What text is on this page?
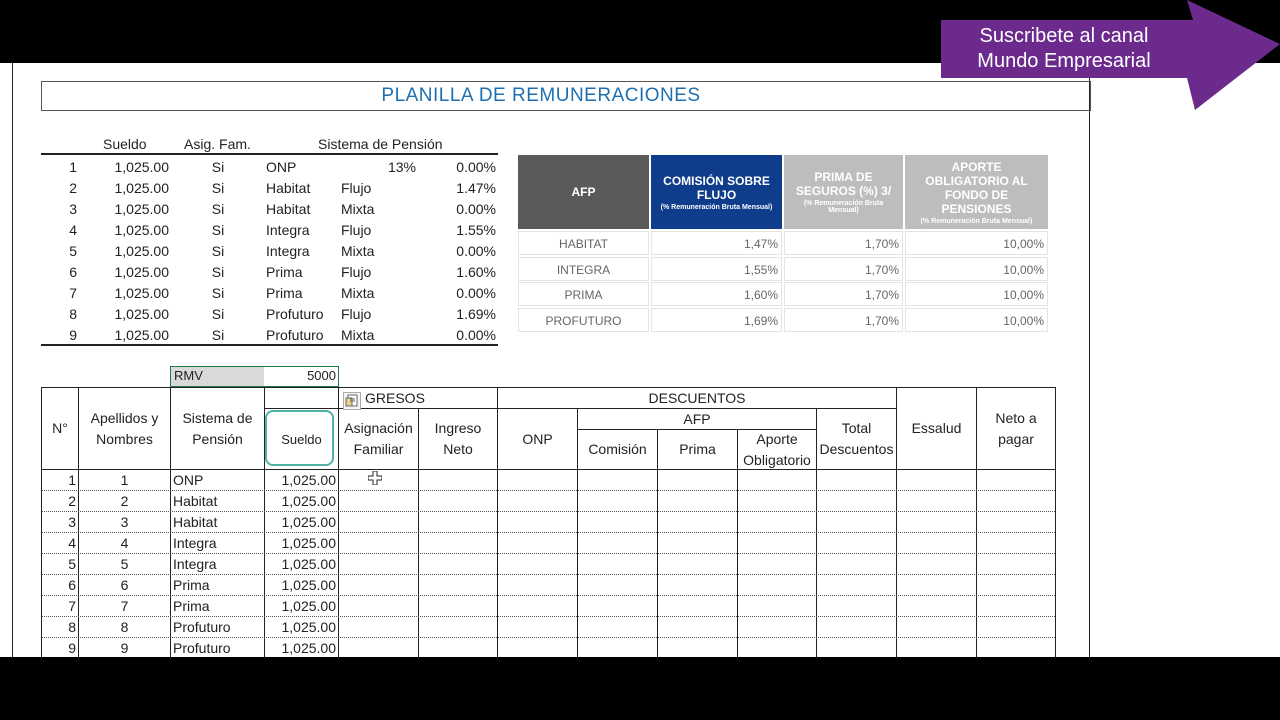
PLANILLA DE REMUNERACIONES
Sueldo	Asig. Fam.	Sistema de Pensión
1	1,025.00	Si	ONP	13%	0.00%
2	1,025.00	Si	Habitat	Flujo	1.47%
3	1,025.00	Si	Habitat	Mixta	0.00%
4	1,025.00	Si	Integra	Flujo	1.55%
5	1,025.00	Si	Integra	Mixta	0.00%
6	1,025.00	Si	Prima	Flujo	1.60%
7	1,025.00	Si	Prima	Mixta	0.00%
8	1,025.00	Si	Profuturo	Flujo	1.69%
9	1,025.00	Si	Profuturo	Mixta	0.00%
AFP
COMISIÓN SOBRE FLUJO
(% Remuneración Bruta Mensual)
PRIMA DE SEGUROS (%) 3/
(% Remuneración Bruta Mensual)
APORTE OBLIGATORIO AL FONDO DE PENSIONES
(% Remuneración Bruta Mensual)
HABITAT	1,47%	1,70%	10,00%
INTEGRA	1,55%	1,70%	10,00%
PRIMA	1,60%	1,70%	10,00%
PROFUTURO	1,69%	1,70%	10,00%
RMV	5000
N°
Apellidos y Nombres
Sistema de Pensión	Sueldo
GRESOS
Asignación Familiar
Ingreso Neto
DESCUENTOS
ONP
AFP
Comisión	Prima
Aporte Obligatorio
Total Descuentos
Essalud
Neto a pagar
1	1	ONP	1,025.00
2	2	Habitat	1,025.00
3	3	Habitat	1,025.00
4	4	Integra	1,025.00
5	5	Integra	1,025.00
6	6	Prima	1,025.00
7	7	Prima	1,025.00
8	8	Profuturo	1,025.00
9	9	Profuturo	1,025.00
Suscribete al canal
Mundo Empresarial
